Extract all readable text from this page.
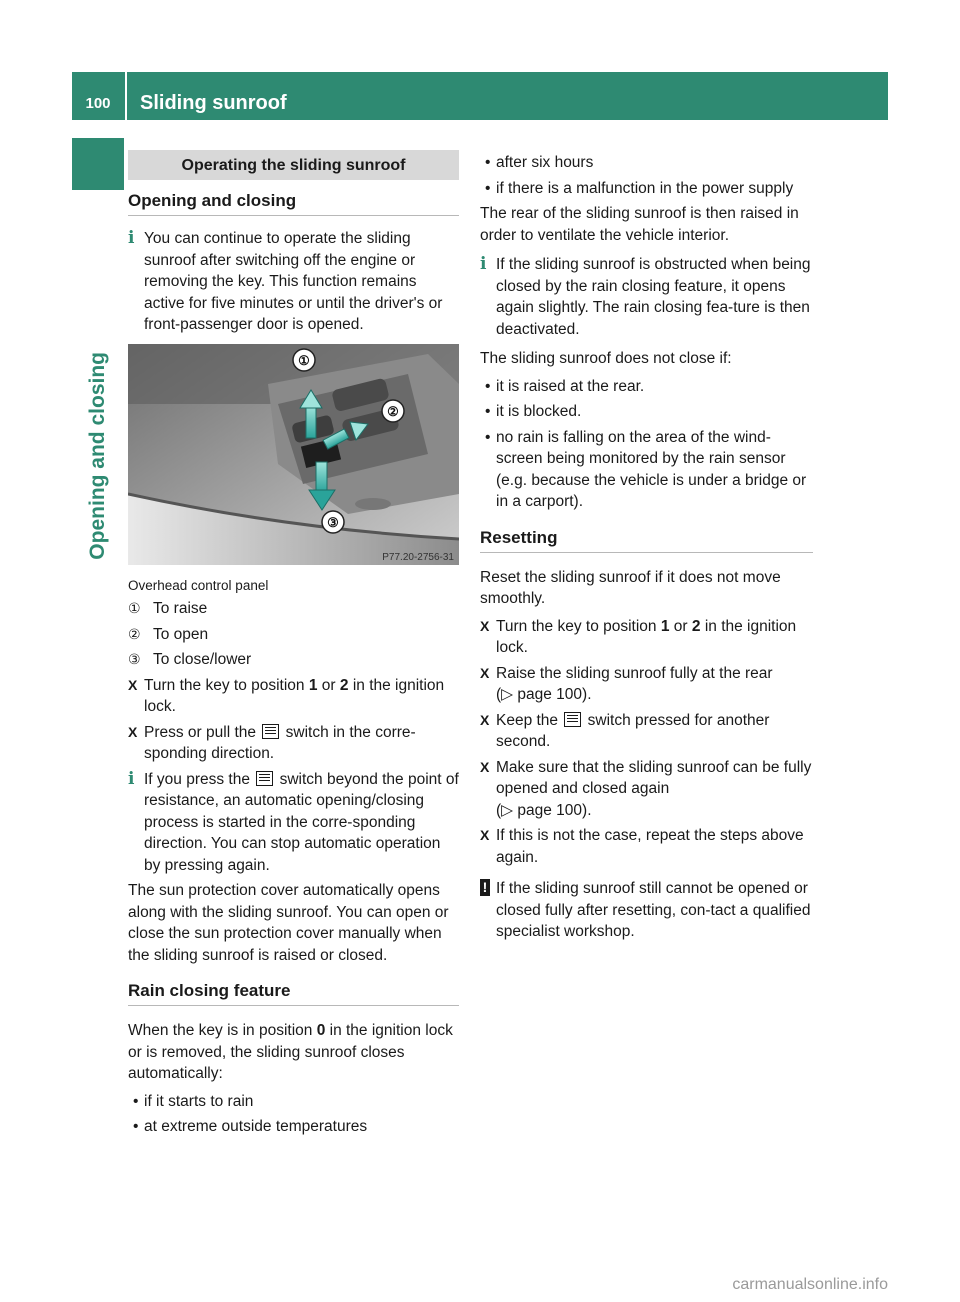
100	Sliding sunroof
Opening and closing
Operating the sliding sunroof
Opening and closing
i You can continue to operate the sliding sunroof after switching off the engine or removing the key. This function remains active for five minutes or until the driver's or front-passenger door is opened.
①
②
③
P77.20-2756-31
Overhead control panel
① To raise
② To open
③ To close/lower
X Turn the key to position 1 or 2 in the ignition lock.
X Press or pull the  switch in the corre-sponding direction.
i If you press the  switch beyond the point of resistance, an automatic opening/closing process is started in the corre-sponding direction. You can stop automatic operation by pressing again.

The sun protection cover automatically opens along with the sliding sunroof. You can open or close the sun protection cover manually when the sliding sunroof is raised or closed.

Rain closing feature

When the key is in position 0 in the ignition lock or is removed, the sliding sunroof closes automatically:

• if it starts to rain
• at extreme outside temperatures
• after six hours
• if there is a malfunction in the power supply

The rear of the sliding sunroof is then raised in order to ventilate the vehicle interior.

i If the sliding sunroof is obstructed when being closed by the rain closing feature, it opens again slightly. The rain closing fea-ture is then deactivated.

The sliding sunroof does not close if:

• it is raised at the rear.
• it is blocked.
• no rain is falling on the area of the wind-screen being monitored by the rain sensor (e.g. because the vehicle is under a bridge or in a carport).
Resetting

Reset the sliding sunroof if it does not move smoothly.

X Turn the key to position 1 or 2 in the ignition lock.
X Raise the sliding sunroof fully at the rear
(▷ page 100).
X Keep the  switch pressed for another second.
X Make sure that the sliding sunroof can be fully opened and closed again
(▷ page 100).
X If this is not the case, repeat the steps above again.
! If the sliding sunroof still cannot be opened or closed fully after resetting, con-tact a qualified specialist workshop.
carmanualsonline.info
